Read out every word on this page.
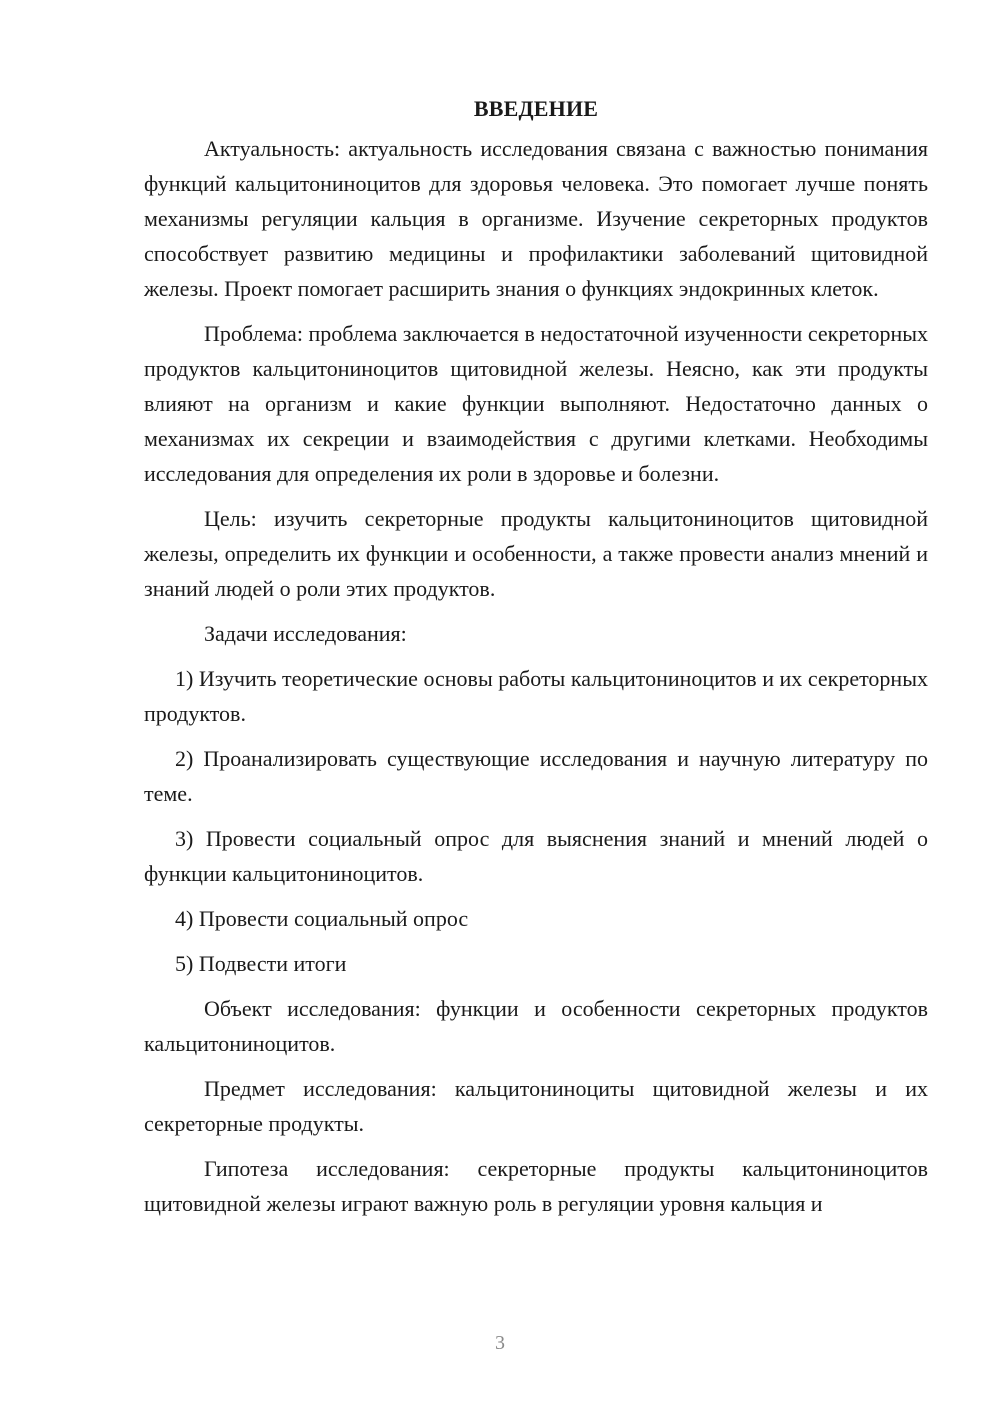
ВВЕДЕНИЕ

Актуальность: актуальность исследования связана с важностью понимания функций кальцитониноцитов для здоровья человека. Это помогает лучше понять механизмы регуляции кальция в организме. Изучение секреторных продуктов способствует развитию медицины и профилактики заболеваний щитовидной железы. Проект помогает расширить знания о функциях эндокринных клеток.

Проблема: проблема заключается в недостаточной изученности секреторных продуктов кальцитониноцитов щитовидной железы. Неясно, как эти продукты влияют на организм и какие функции выполняют. Недостаточно данных о механизмах их секреции и взаимодействия с другими клетками. Необходимы исследования для определения их роли в здоровье и болезни.

Цель: изучить секреторные продукты кальцитониноцитов щитовидной железы, определить их функции и особенности, а также провести анализ мнений и знаний людей о роли этих продуктов.

Задачи исследования:

1) Изучить теоретические основы работы кальцитониноцитов и их секреторных продуктов.

2) Проанализировать существующие исследования и научную литературу по теме.

3) Провести социальный опрос для выяснения знаний и мнений людей о функции кальцитониноцитов.

4) Провести социальный опрос

5) Подвести итоги

Объект исследования: функции и особенности секреторных продуктов кальцитониноцитов.

Предмет исследования: кальцитониноциты щитовидной железы и их секреторные продукты.

Гипотеза исследования: секреторные продукты кальцитониноцитов щитовидной железы играют важную роль в регуляции уровня кальция и

3
